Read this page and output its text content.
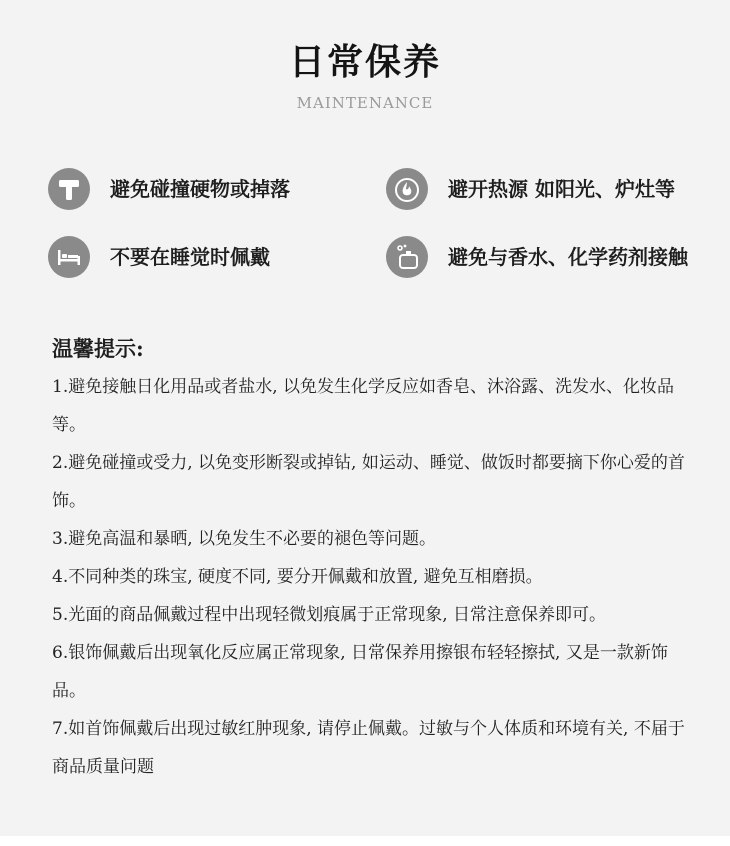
日常保养
MAINTENANCE
避免碰撞硬物或掉落	避开热源 如阳光、炉灶等
不要在睡觉时佩戴	避免与香水、化学药剂接触
温馨提示:
1.避免接触日化用品或者盐水, 以免发生化学反应如香皂、沐浴露、洗发水、化妆品等。
2.避免碰撞或受力, 以免变形断裂或掉钻, 如运动、睡觉、做饭时都要摘下你心爱的首饰。
3.避免高温和暴晒, 以免发生不必要的褪色等问题。
4.不同种类的珠宝, 硬度不同, 要分开佩戴和放置, 避免互相磨损。
5.光面的商品佩戴过程中出现轻微划痕属于正常现象, 日常注意保养即可。
6.银饰佩戴后出现氧化反应属正常现象, 日常保养用擦银布轻轻擦拭, 又是一款新饰品。
7.如首饰佩戴后出现过敏红肿现象, 请停止佩戴。过敏与个人体质和环境有关, 不届于商品质量问题
